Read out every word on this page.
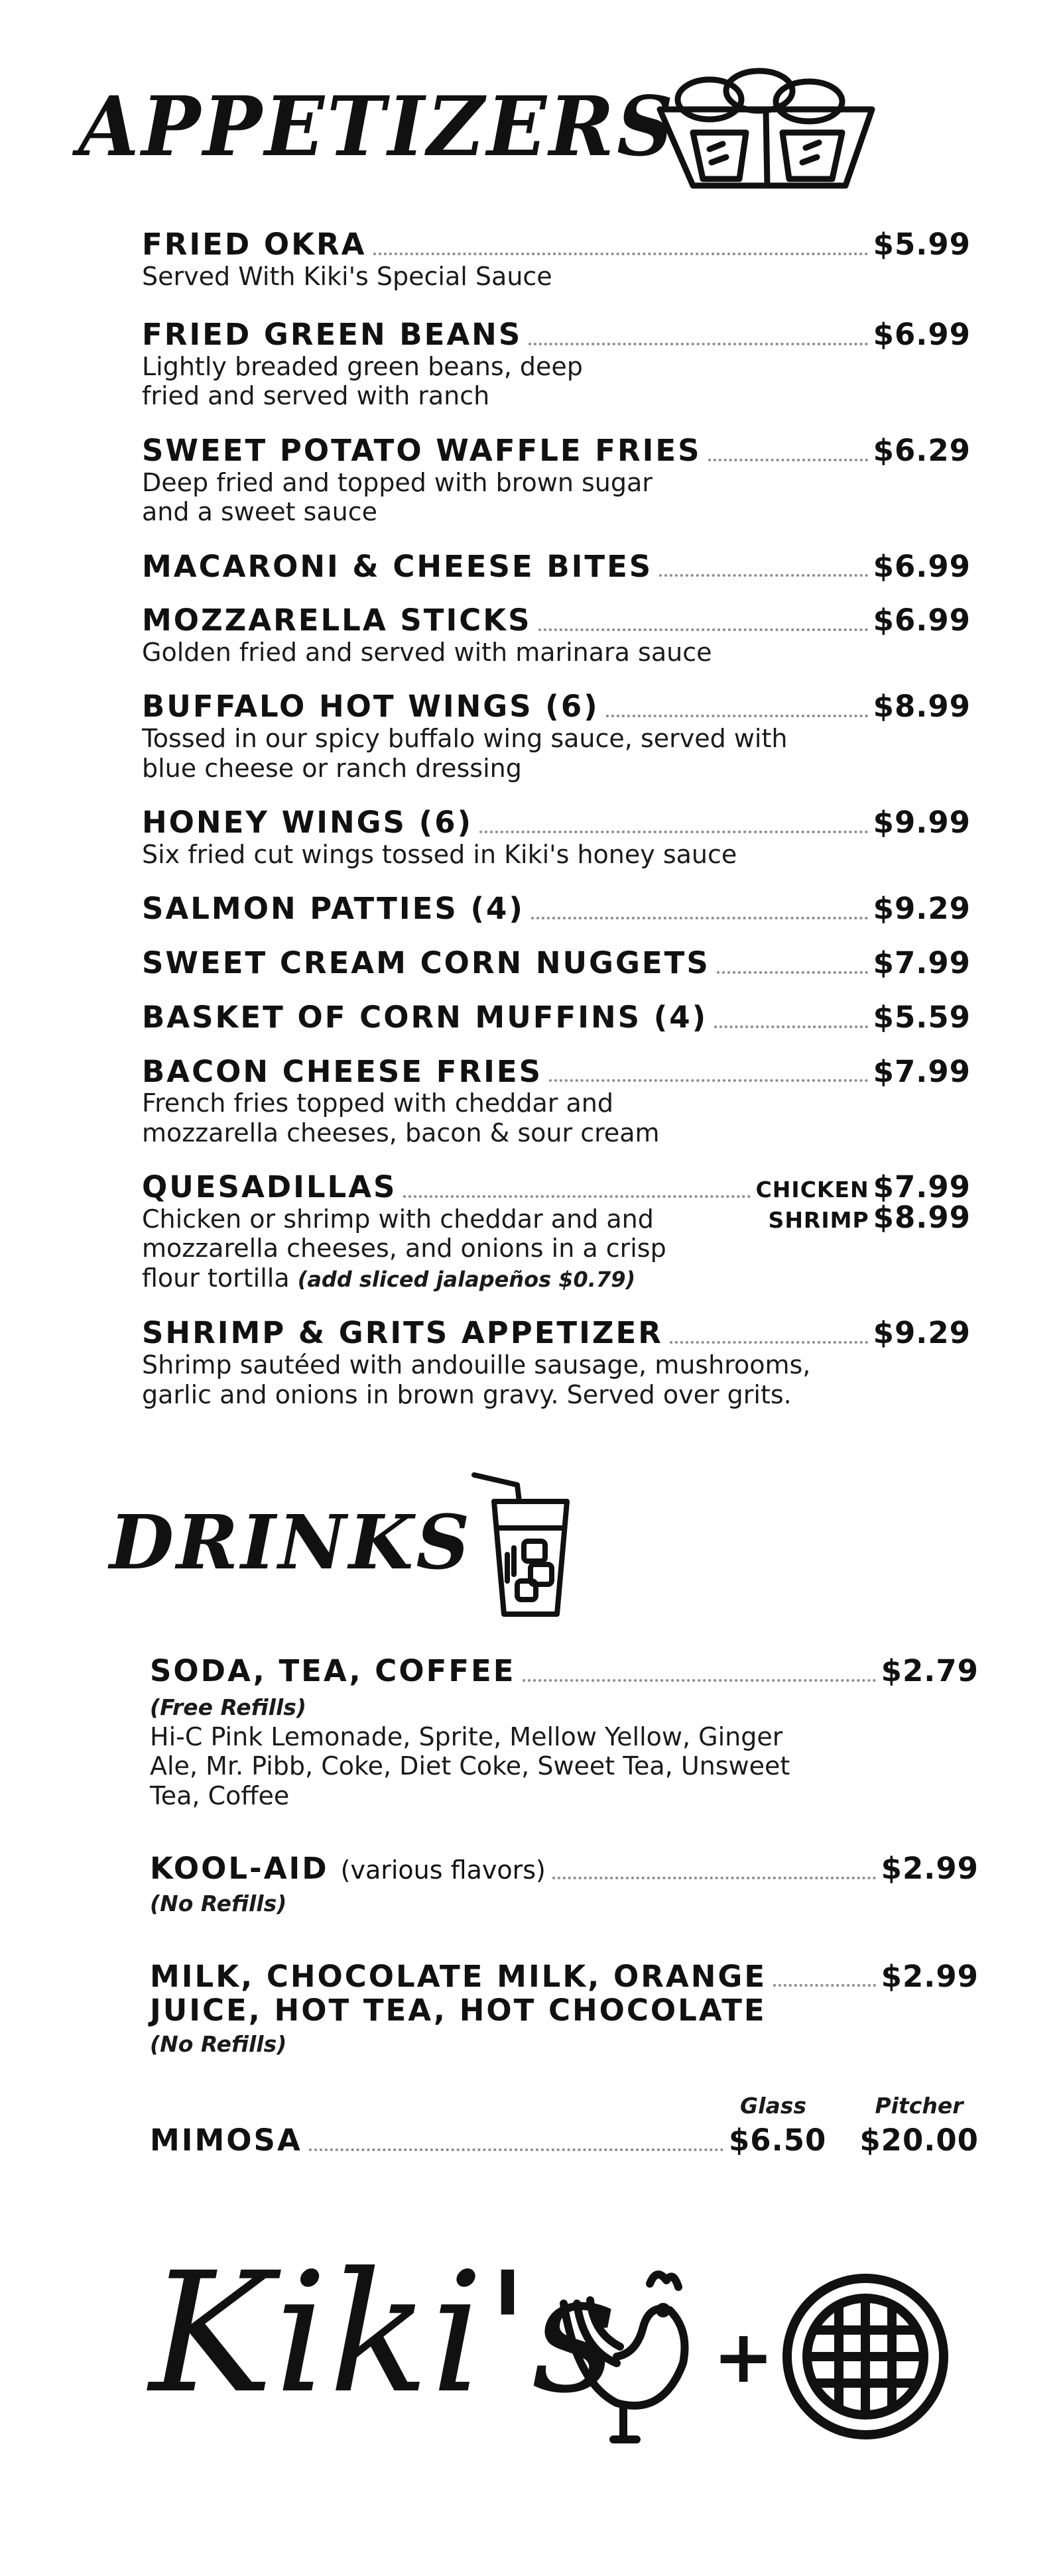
APPETIZERS
FRIED OKRA	$5.99
Served With Kiki's Special Sauce
FRIED GREEN BEANS	$6.99
Lightly breaded green beans, deep fried and served with ranch
SWEET POTATO WAFFLE FRIES	$6.29
Deep fried and topped with brown sugar and a sweet sauce
MACARONI & CHEESE BITES	$6.99
MOZZARELLA STICKS	$6.99
Golden fried and served with marinara sauce
BUFFALO HOT WINGS (6)	$8.99
Tossed in our spicy buffalo wing sauce, served with blue cheese or ranch dressing
HONEY WINGS (6)	$9.99
Six fried cut wings tossed in Kiki's honey sauce
SALMON PATTIES (4)	$9.29
SWEET CREAM CORN NUGGETS	$7.99
BASKET OF CORN MUFFINS (4)	$5.59
BACON CHEESE FRIES	$7.99
French fries topped with cheddar and mozzarella cheeses, bacon & sour cream
QUESADILLAS	CHICKEN $7.99
Chicken or shrimp with cheddar and and mozzarella cheeses, and onions in a crisp flour tortilla (add sliced jalapeños $0.79)
SHRIMP $8.99
SHRIMP & GRITS APPETIZER	$9.29
Shrimp sautéed with andouille sausage, mushrooms, garlic and onions in brown gravy. Served over grits.
DRINKS
SODA, TEA, COFFEE	$2.79
(Free Refills)
Hi-C Pink Lemonade, Sprite, Mellow Yellow, Ginger Ale, Mr. Pibb, Coke, Diet Coke, Sweet Tea, Unsweet Tea, Coffee
KOOL-AID (various flavors)	$2.99
(No Refills)
MILK, CHOCOLATE MILK, ORANGE	$2.99
JUICE, HOT TEA, HOT CHOCOLATE
(No Refills)
Glass	Pitcher
MIMOSA	$6.50 $20.00
Kiki's +
